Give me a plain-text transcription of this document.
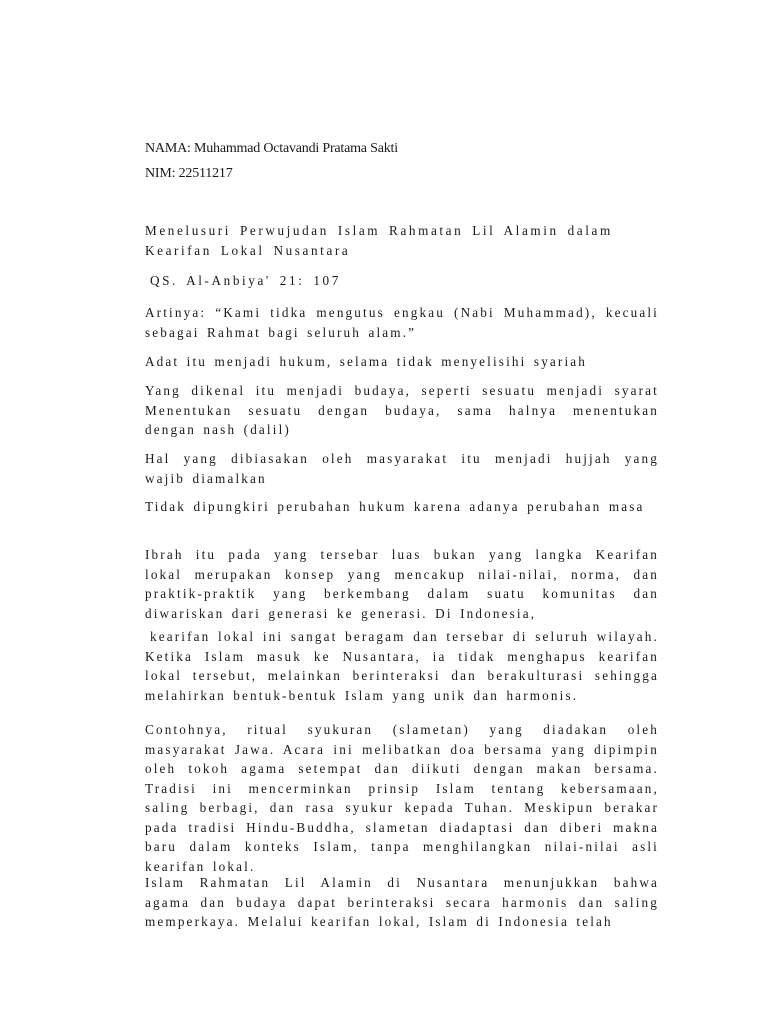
NAMA: Muhammad Octavandi Pratama Sakti

NIM: 22511217

Menelusuri Perwujudan Islam Rahmatan Lil Alamin dalam Kearifan Lokal Nusantara

QS. Al-Anbiya' 21: 107

Artinya: “Kami tidka mengutus engkau (Nabi Muhammad), kecuali sebagai Rahmat bagi seluruh alam.”

Adat itu menjadi hukum, selama tidak menyelisihi syariah

Yang dikenal itu menjadi budaya, seperti sesuatu menjadi syarat Menentukan sesuatu dengan budaya, sama halnya menentukan dengan nash (dalil)

Hal yang dibiasakan oleh masyarakat itu menjadi hujjah yang wajib diamalkan

Tidak dipungkiri perubahan hukum karena adanya perubahan masa

Ibrah itu pada yang tersebar luas bukan yang langka Kearifan lokal merupakan konsep yang mencakup nilai-nilai, norma, dan praktik-praktik yang berkembang dalam suatu komunitas dan diwariskan dari generasi ke generasi. Di Indonesia,

kearifan lokal ini sangat beragam dan tersebar di seluruh wilayah. Ketika Islam masuk ke Nusantara, ia tidak menghapus kearifan lokal tersebut, melainkan berinteraksi dan berakulturasi sehingga melahirkan bentuk-bentuk Islam yang unik dan harmonis.

Contohnya, ritual syukuran (slametan) yang diadakan oleh masyarakat Jawa. Acara ini melibatkan doa bersama yang dipimpin oleh tokoh agama setempat dan diikuti dengan makan bersama. Tradisi ini mencerminkan prinsip Islam tentang kebersamaan, saling berbagi, dan rasa syukur kepada Tuhan. Meskipun berakar pada tradisi Hindu-Buddha, slametan diadaptasi dan diberi makna baru dalam konteks Islam, tanpa menghilangkan nilai-nilai asli kearifan lokal.

Islam Rahmatan Lil Alamin di Nusantara menunjukkan bahwa agama dan budaya dapat berinteraksi secara harmonis dan saling memperkaya. Melalui kearifan lokal, Islam di Indonesia telah
